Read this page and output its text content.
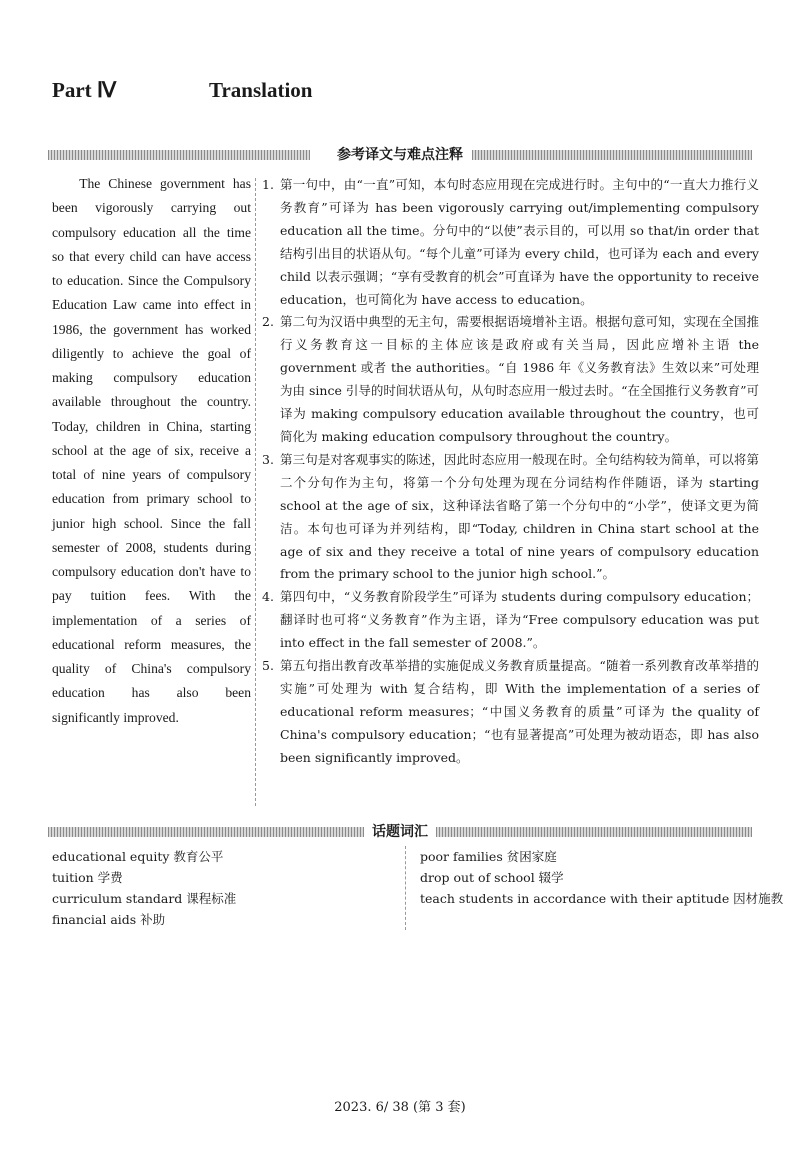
Part Ⅳ	Translation
参考译文与难点注释

The Chinese government has been vigorously carrying out compulsory education all the time so that every child can have access to education. Since the Compulsory Education Law came into effect in 1986, the government has worked diligently to achieve the goal of making compulsory education available throughout the country. Today, children in China, starting school at the age of six, receive a total of nine years of compulsory education from primary school to junior high school. Since the fall semester of 2008, students during compulsory education don't have to pay tuition fees. With the implementation of a series of educational reform measures, the quality of China's compulsory education has also been significantly improved.

1. 第一句中，由“一直”可知，本句时态应用现在完成进行时。主句中的“一直大力推行义务教育”可译为 has been vigorously carrying out/implementing compulsory education all the time。分句中的“以使”表示目的，可以用 so that/in order that 结构引出目的状语从句。“每个儿童”可译为 every child，也可译为 each and every child 以表示强调；“享有受教育的机会”可直译为 have the opportunity to receive education，也可简化为 have access to education。
2. 第二句为汉语中典型的无主句，需要根据语境增补主语。根据句意可知，实现在全国推行义务教育这一目标的主体应该是政府或有关当局，因此应增补主语 the government 或者 the authorities。“自 1986 年《义务教育法》生效以来”可处理为由 since 引导的时间状语从句，从句时态应用一般过去时。“在全国推行义务教育”可译为 making compulsory education available throughout the country，也可简化为 making education compulsory throughout the country。
3. 第三句是对客观事实的陈述，因此时态应用一般现在时。全句结构较为简单，可以将第二个分句作为主句，将第一个分句处理为现在分词结构作伴随语，译为 starting school at the age of six，这种译法省略了第一个分句中的“小学”，使译文更为简洁。本句也可译为并列结构，即“Today, children in China start school at the age of six and they receive a total of nine years of compulsory education from the primary school to the junior high school.”。
4. 第四句中，“义务教育阶段学生”可译为 students during compulsory education；翻译时也可将“义务教育”作为主语，译为“Free compulsory education was put into effect in the fall semester of 2008.”。
5. 第五句指出教育改革举措的实施促成义务教育质量提高。“随着一系列教育改革举措的实施”可处理为 with 复合结构，即 With the implementation of a series of educational reform measures；“中国义务教育的质量”可译为 the quality of China's compulsory education；“也有显著提高”可处理为被动语态，即 has also been significantly improved。
话题词汇
educational equity 教育公平
tuition 学费
curriculum standard 课程标准
financial aids 补助
poor families 贫困家庭
drop out of school 辍学
teach students in accordance with their aptitude 因材施教
2023. 6/ 38 (第 3 套)
